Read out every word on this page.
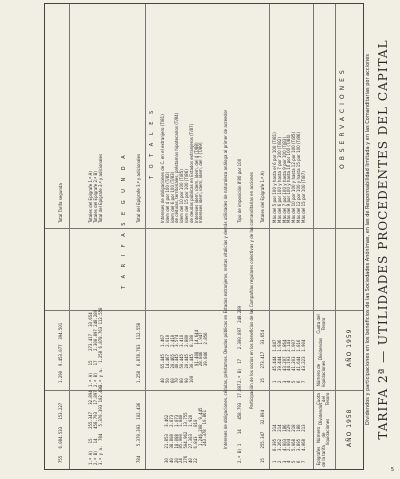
TARIFA 2ª — UTILIDADES PROCEDENTES DEL CAPITAL
Dividendos y participaciones en los beneficios de las Sociedades Anónimas, en las de Responsabilidad limitada y en las Comanditarias por acciones
AÑO 1958
AÑO 1959
OBSERVACIONES
Epígrafes de la tarifa
Número de liquidaciones
Dividendos
Cuota del Tesoro
Número de liquidaciones
Dividendos
Cuota del Tesoro
1    8.395   314
2    3.262   214
3    4.003   186
4    2.004   229
5    5.068   218
6    3.895   188
7    4.068   213
1    45.444  1.847
2    39.444  1.936
3    43.297  1.864
4    44.193  2.143
5    41.203  1.907
6    41.644  1.816
7    43.223  1.904
Más del 5 por 100 y hasta el 6 por 100 (T/81)
Más del 6 por 100 y hasta 7 por 100 (T/82)
Más del 7 por 100 y hasta 9 por 100 (T/83)
Más del 9 por 100 y hasta 10 por 100 (T/84)
Más del 10 por 100 y hasta 12 por 100 (T/85)
Más del 12 por 100 y hasta 15 por 100 (T/86)
Más del 15 por 100 (T/87)
15    255.347   32.894
15    273.417   33.654
Totales del Epígrafe 1.ª A)
Participación de los socios en los beneficios de las Compañías regulares colectivas y de las comanditarias en acciones
2.ª B) 1    14    458.793  17.897
2.ª B)  17    2.300.897  248.289
Tipo de imposición 8'80 por 100
Intereses de obligaciones, cédulas, préstamos. Deudas públicas en Estados extranjeros, rentas vitalicias y demás utilidades de naturaleza análoga al primer de acreedor
30    21.853   3.462
40    38.808   2.873
20    18.088   1.073
24    85.900   1.840
276   504.962  13.755
40    27.303   1.920
22    6.843    810
1.246.208  9.445
243.378  10.861
40    65.445   1.467
50    14.467   2.010
60    20.465   2.410
70    40.445   3.574
80    50.445   3.410
90    20.445   2.880
100   30.445   8.180
91.408   14.644
28.846   1.947
39.846   2.856
Intereses de obligaciones de C. en el extranjero (T/81)
ídem del 4 por 100 (T/82)
ídem del 6 por 100 (T/83)
de cédulas, territoriales, préstamos hipotecarios (T/84)
ídem del 10 por 100 (T/85)
ídem del 15 por 100 (T/86)
de deudas públicas en Estados extranjeros (T/87)
Intereses ídem, ídem, ídem, del 4 (T/88)
Intereses ídem, ídem, ídem, del 7 (T/89)
T O T A L E S
784    5.370.393  102.436
1.258  6.878.763  112.558
Total del Epígrafe 3.ª y adicionales
T A R I F A S E G U N D A
1.ª A)   15    255.347   32.894
2.ª B)   14    458.793   17.897
3.ª y a.  784   5.370.393 102.436
1.ª A)   15    273.417   33.654
2.ª B)   17    2.300.897 248.289
3.ª y a.  1.258 6.878.763 112.558
Totales del Epígrafe 1.ª A)
Totales del Epígrafe 2.ª B)
Total del Epígrafe 3.ª y adicionales
755   6.084.533   153.227
1.290  9.453.077  394.501
Total Tarifa segunda
5
